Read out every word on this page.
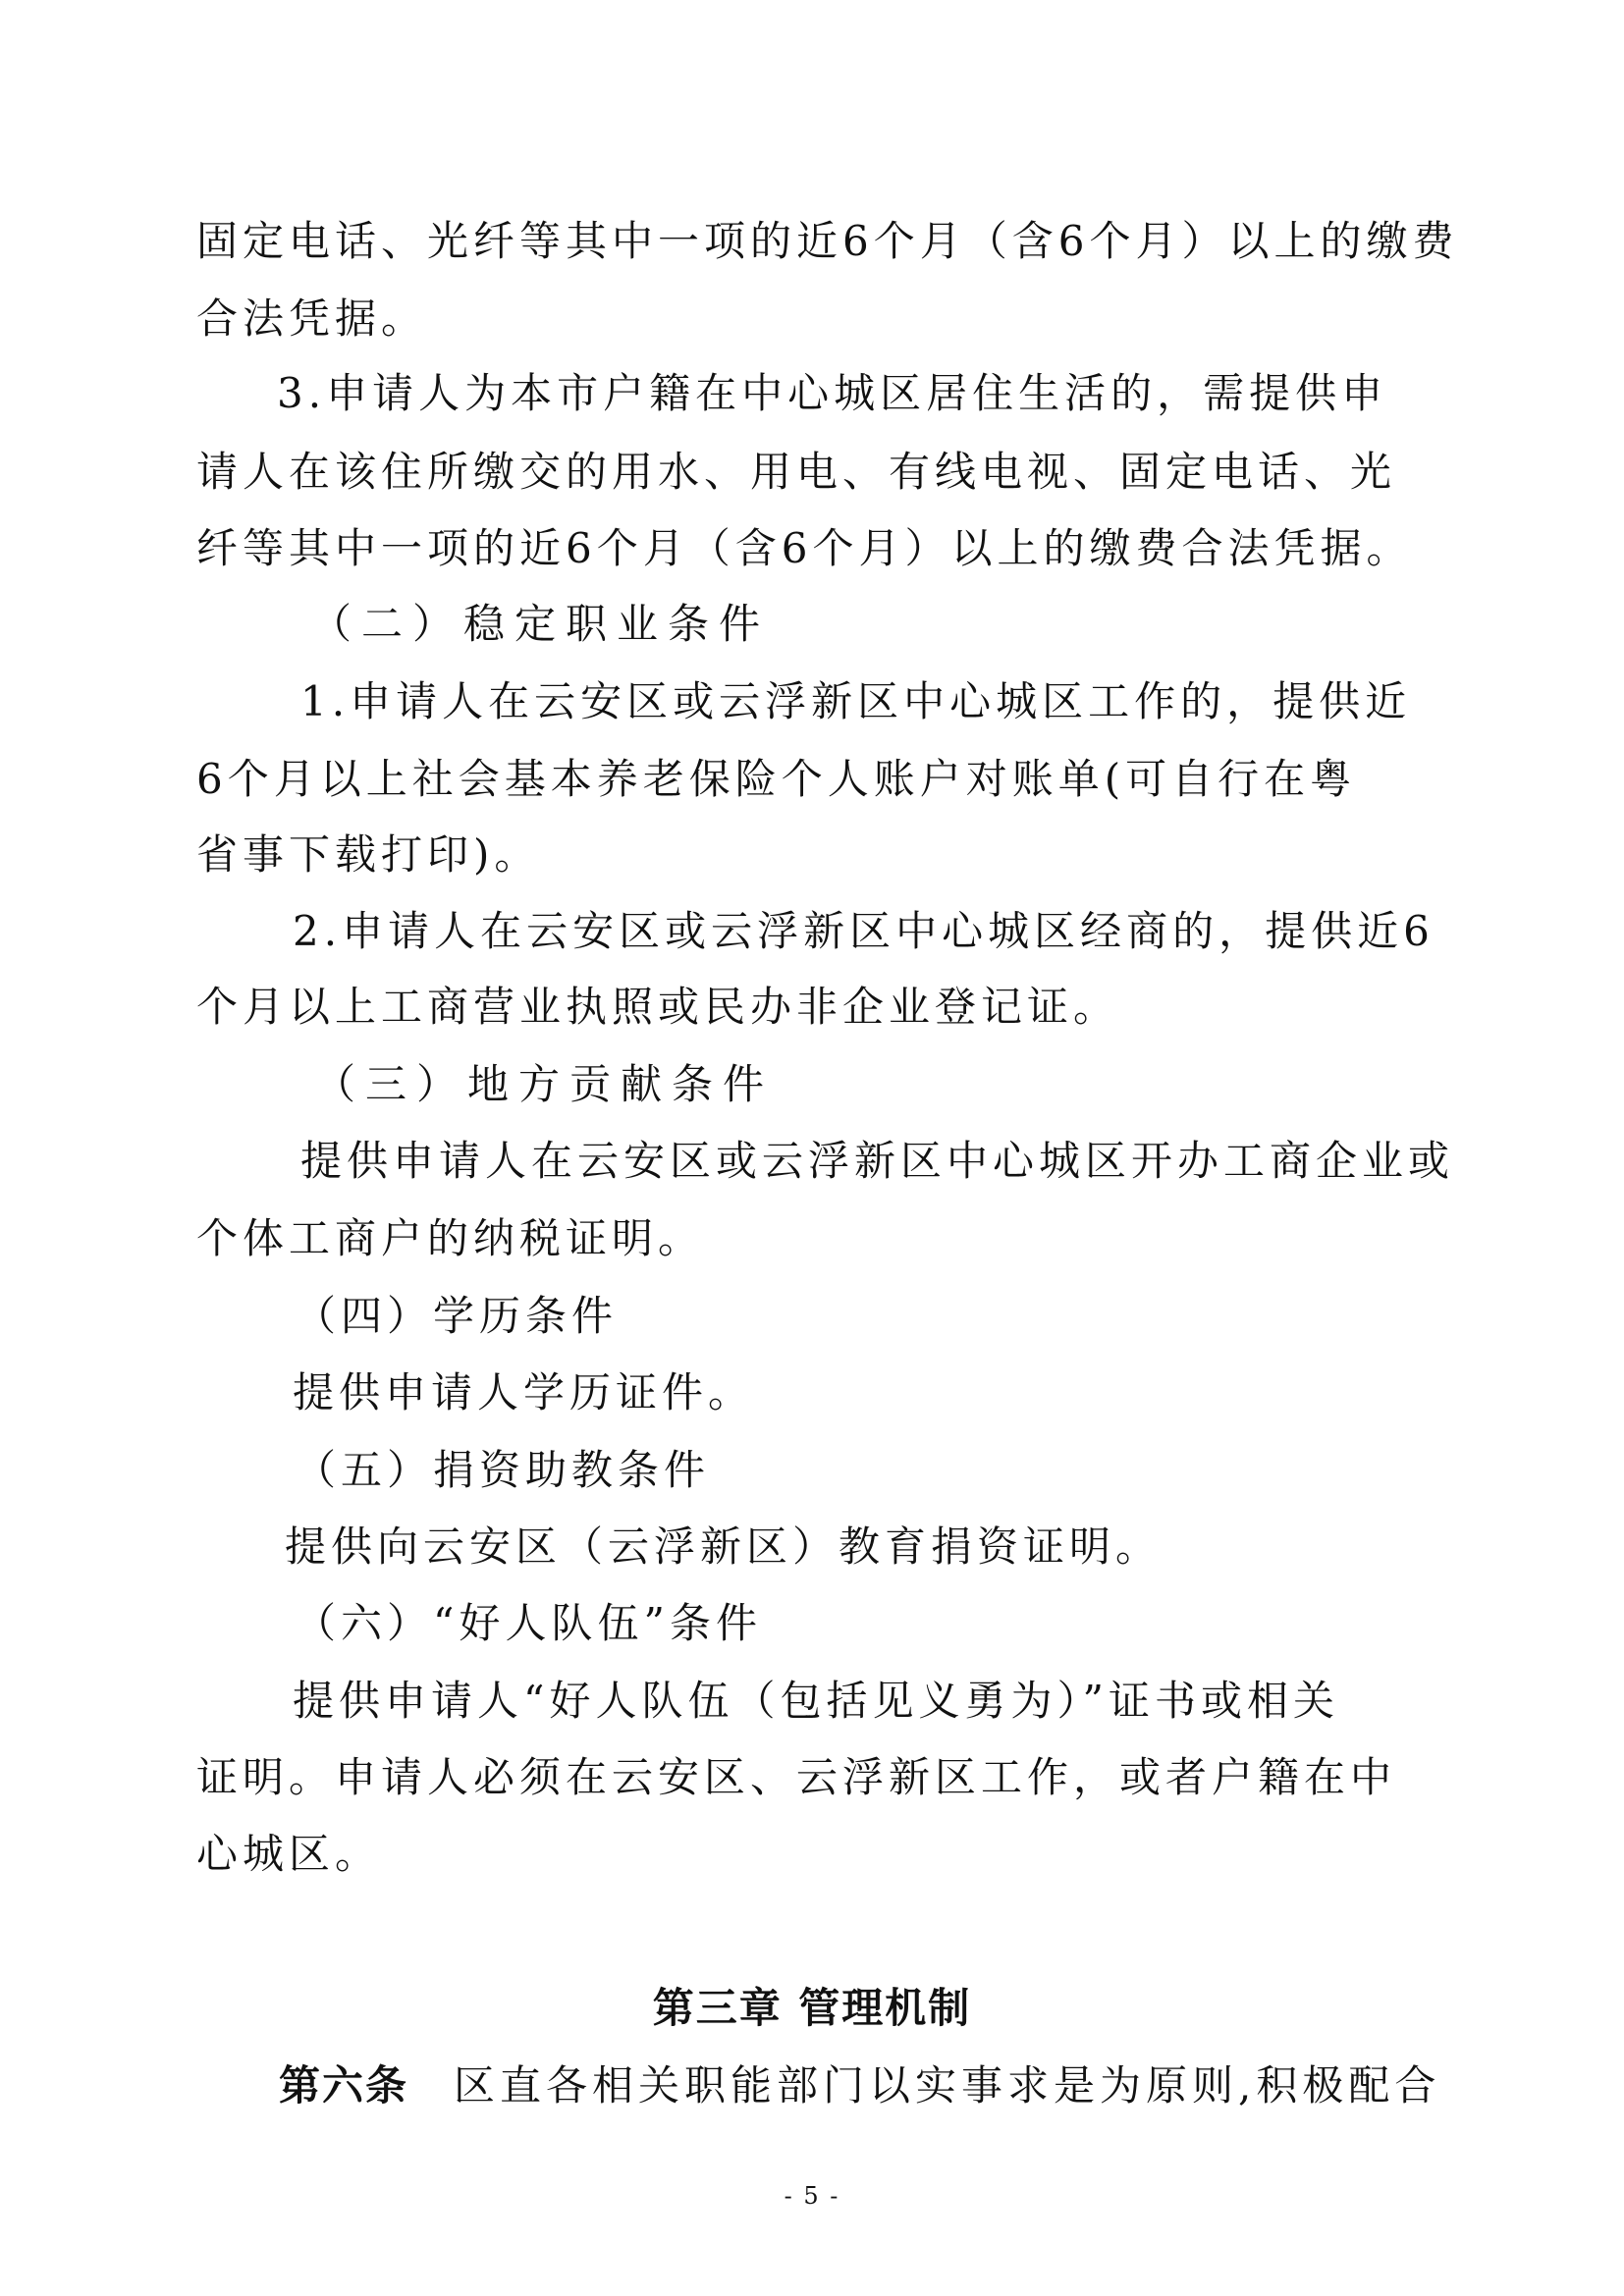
固定电话、光纤等其中一项的近6个月（含6个月）以上的缴费
合法凭据。
3.申请人为本市户籍在中心城区居住生活的，需提供申
请人在该住所缴交的用水、用电、有线电视、固定电话、光
纤等其中一项的近6个月（含6个月）以上的缴费合法凭据。
（二）稳定职业条件
1.申请人在云安区或云浮新区中心城区工作的，提供近
6个月以上社会基本养老保险个人账户对账单(可自行在粤
省事下载打印)。
2.申请人在云安区或云浮新区中心城区经商的，提供近6
个月以上工商营业执照或民办非企业登记证。
（三）地方贡献条件
提供申请人在云安区或云浮新区中心城区开办工商企业或
个体工商户的纳税证明。
（四）学历条件
提供申请人学历证件。
（五）捐资助教条件
提供向云安区（云浮新区）教育捐资证明。
（六）“好人队伍”条件
提供申请人“好人队伍（包括见义勇为）”证书或相关
证明。申请人必须在云安区、云浮新区工作，或者户籍在中
心城区。
第三章 管理机制
第六条 区直各相关职能部门以实事求是为原则,积极配合
- 5 -
